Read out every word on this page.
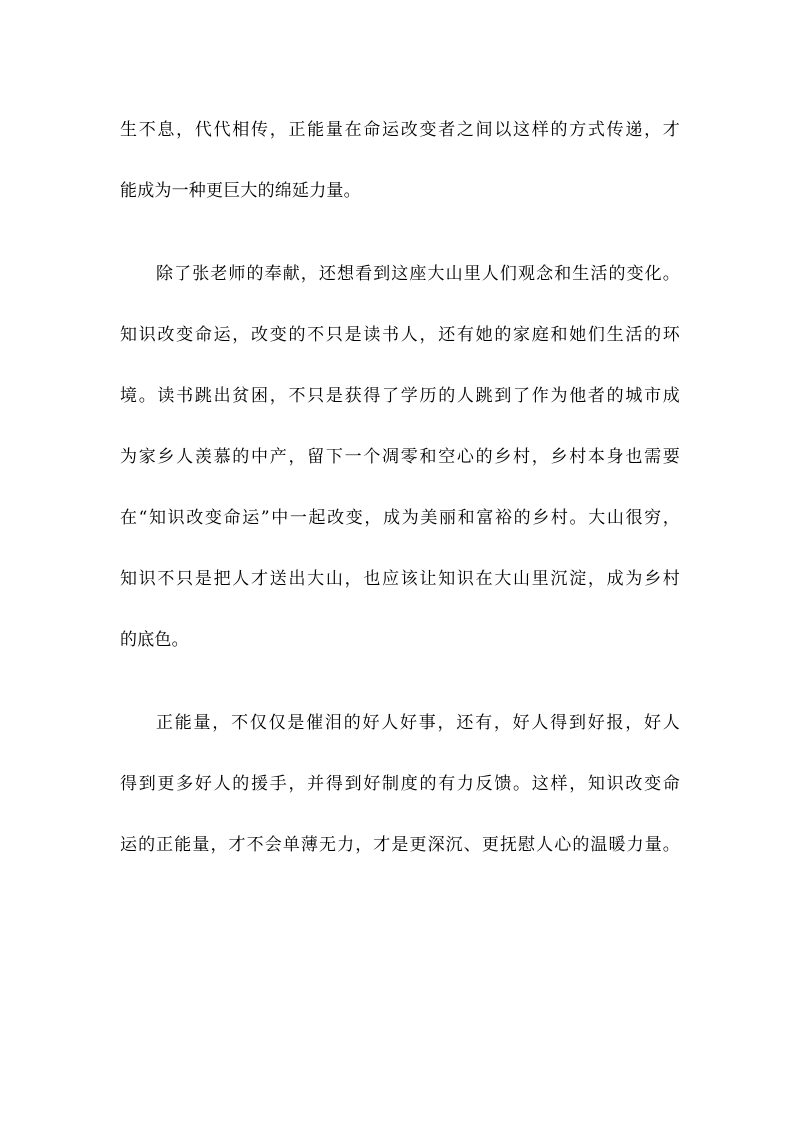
生不息，代代相传，正能量在命运改变者之间以这样的方式传递，才
能成为一种更巨大的绵延力量。
除了张老师的奉献，还想看到这座大山里人们观念和生活的变化。
知识改变命运，改变的不只是读书人，还有她的家庭和她们生活的环
境。读书跳出贫困，不只是获得了学历的人跳到了作为他者的城市成
为家乡人羡慕的中产，留下一个凋零和空心的乡村，乡村本身也需要
在“知识改变命运”中一起改变，成为美丽和富裕的乡村。大山很穷，
知识不只是把人才送出大山，也应该让知识在大山里沉淀，成为乡村
的底色。
正能量，不仅仅是催泪的好人好事，还有，好人得到好报，好人
得到更多好人的援手，并得到好制度的有力反馈。这样，知识改变命
运的正能量，才不会单薄无力，才是更深沉、更抚慰人心的温暖力量。
